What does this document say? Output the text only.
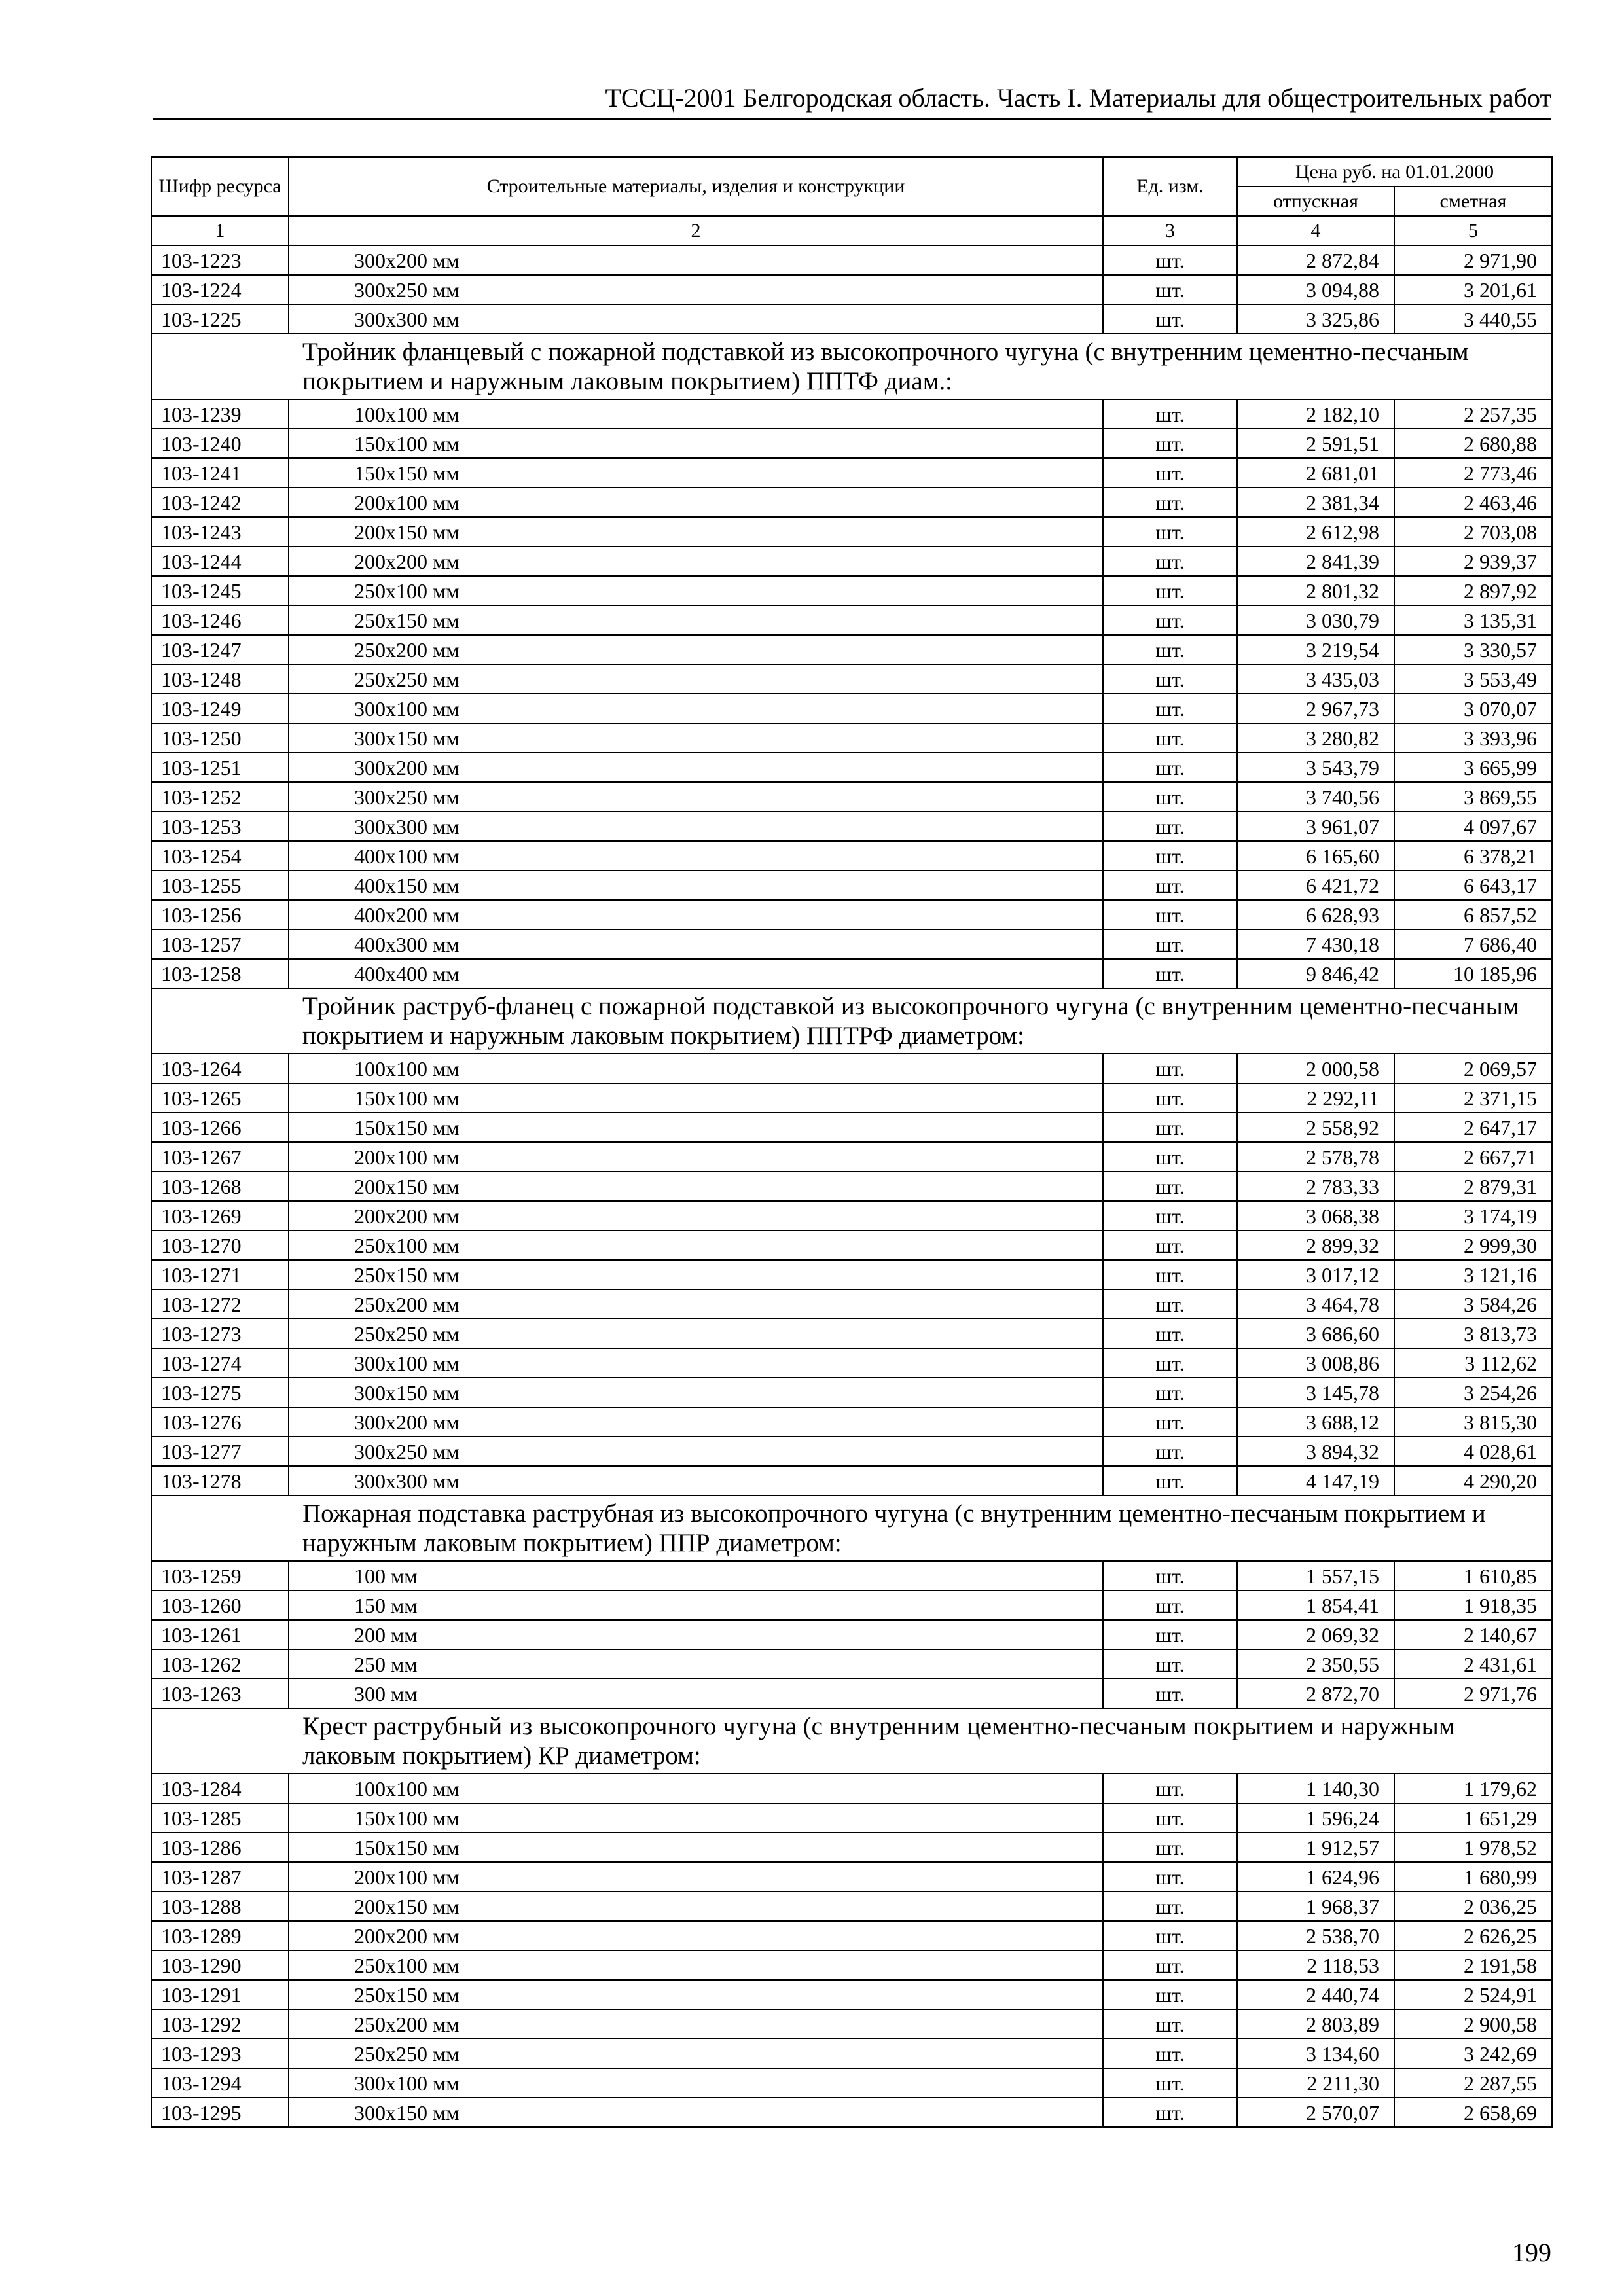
ТССЦ-2001 Белгородская область. Часть I. Материалы для общестроительных работ
Шифр ресурса	Строительные материалы, изделия и конструкции	Ед. изм.	Цена руб. на 01.01.2000	
			отпускная	сметная
1	2	3	4	5
103-1223	300х200 мм	шт.	2 872,84	2 971,90
103-1224	300х250 мм	шт.	3 094,88	3 201,61
103-1225	300х300 мм	шт.	3 325,86	3 440,55
Тройник фланцевый с пожарной подставкой из высокопрочного чугуна (с внутренним цементно-песчаным покрытием и наружным лаковым покрытием) ППТФ диам.:				
103-1239	100х100 мм	шт.	2 182,10	2 257,35
103-1240	150х100 мм	шт.	2 591,51	2 680,88
103-1241	150х150 мм	шт.	2 681,01	2 773,46
103-1242	200х100 мм	шт.	2 381,34	2 463,46
103-1243	200х150 мм	шт.	2 612,98	2 703,08
103-1244	200х200 мм	шт.	2 841,39	2 939,37
103-1245	250х100 мм	шт.	2 801,32	2 897,92
103-1246	250х150 мм	шт.	3 030,79	3 135,31
103-1247	250х200 мм	шт.	3 219,54	3 330,57
103-1248	250х250 мм	шт.	3 435,03	3 553,49
103-1249	300х100 мм	шт.	2 967,73	3 070,07
103-1250	300х150 мм	шт.	3 280,82	3 393,96
103-1251	300х200 мм	шт.	3 543,79	3 665,99
103-1252	300х250 мм	шт.	3 740,56	3 869,55
103-1253	300х300 мм	шт.	3 961,07	4 097,67
103-1254	400х100 мм	шт.	6 165,60	6 378,21
103-1255	400х150 мм	шт.	6 421,72	6 643,17
103-1256	400х200 мм	шт.	6 628,93	6 857,52
103-1257	400х300 мм	шт.	7 430,18	7 686,40
103-1258	400х400 мм	шт.	9 846,42	10 185,96
Тройник раструб-фланец с пожарной подставкой из высокопрочного чугуна (с внутренним цементно-песчаным покрытием и наружным лаковым покрытием) ППТРФ диаметром:				
103-1264	100х100 мм	шт.	2 000,58	2 069,57
103-1265	150х100 мм	шт.	2 292,11	2 371,15
103-1266	150х150 мм	шт.	2 558,92	2 647,17
103-1267	200х100 мм	шт.	2 578,78	2 667,71
103-1268	200х150 мм	шт.	2 783,33	2 879,31
103-1269	200х200 мм	шт.	3 068,38	3 174,19
103-1270	250х100 мм	шт.	2 899,32	2 999,30
103-1271	250х150 мм	шт.	3 017,12	3 121,16
103-1272	250х200 мм	шт.	3 464,78	3 584,26
103-1273	250х250 мм	шт.	3 686,60	3 813,73
103-1274	300х100 мм	шт.	3 008,86	3 112,62
103-1275	300х150 мм	шт.	3 145,78	3 254,26
103-1276	300х200 мм	шт.	3 688,12	3 815,30
103-1277	300х250 мм	шт.	3 894,32	4 028,61
103-1278	300х300 мм	шт.	4 147,19	4 290,20
Пожарная подставка раструбная из высокопрочного чугуна (с внутренним цементно-песчаным покрытием и наружным лаковым покрытием) ППР диаметром:				
103-1259	100 мм	шт.	1 557,15	1 610,85
103-1260	150 мм	шт.	1 854,41	1 918,35
103-1261	200 мм	шт.	2 069,32	2 140,67
103-1262	250 мм	шт.	2 350,55	2 431,61
103-1263	300 мм	шт.	2 872,70	2 971,76
Крест раструбный из высокопрочного чугуна (с внутренним цементно-песчаным покрытием и наружным лаковым покрытием) КР диаметром:				
103-1284	100х100 мм	шт.	1 140,30	1 179,62
103-1285	150х100 мм	шт.	1 596,24	1 651,29
103-1286	150х150 мм	шт.	1 912,57	1 978,52
103-1287	200х100 мм	шт.	1 624,96	1 680,99
103-1288	200х150 мм	шт.	1 968,37	2 036,25
103-1289	200х200 мм	шт.	2 538,70	2 626,25
103-1290	250х100 мм	шт.	2 118,53	2 191,58
103-1291	250х150 мм	шт.	2 440,74	2 524,91
103-1292	250х200 мм	шт.	2 803,89	2 900,58
103-1293	250х250 мм	шт.	3 134,60	3 242,69
103-1294	300х100 мм	шт.	2 211,30	2 287,55
103-1295	300х150 мм	шт.	2 570,07	2 658,69
199
